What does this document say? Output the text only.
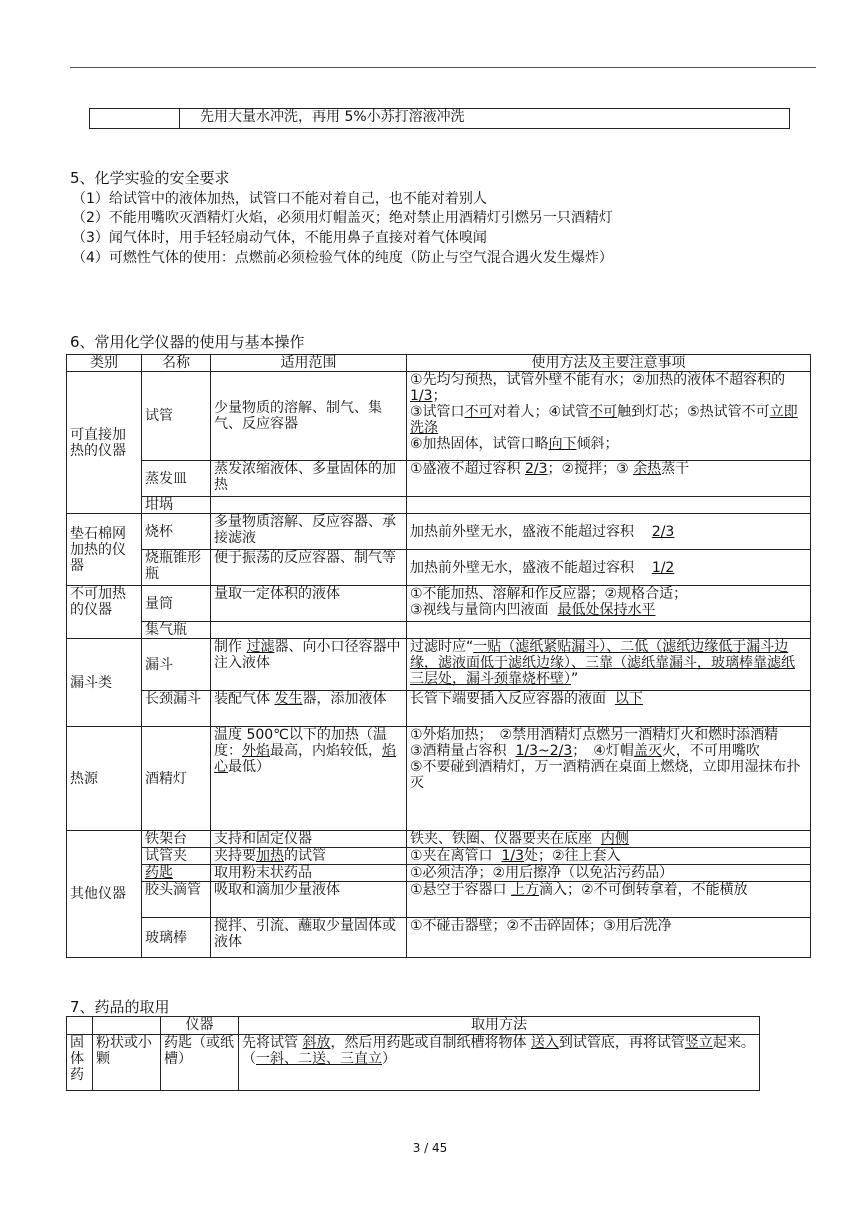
	先用大量水冲洗，再用 5%小苏打溶液冲洗
5、化学实验的安全要求
（1）给试管中的液体加热，试管口不能对着自己，也不能对着别人
（2）不能用嘴吹灭酒精灯火焰，必须用灯帽盖灭；绝对禁止用酒精灯引燃另一只酒精灯
（3）闻气体时，用手轻轻扇动气体，不能用鼻子直接对着气体嗅闻
（4）可燃性气体的使用：点燃前必须检验气体的纯度（防止与空气混合遇火发生爆炸）
6、常用化学仪器的使用与基本操作
类别	名称	适用范围	使用方法及主要注意事项
可直接加热的仪器	试管	少量物质的溶解、制气、集气、反应容器	①先均匀预热，试管外壁不能有水；②加热的液体不超容积的1/3；
③试管口不可对着人；④试管不可触到灯芯；⑤热试管不可立即洗涤
⑥加热固体，试管口略向下倾斜；
	蒸发皿	蒸发浓缩液体、多量固体的加热	①盛液不超过容积 2/3；②搅拌；③ 余热蒸干
	坩埚		
垫石棉网加热的仪器	烧杯	多量物质溶解、反应容器、承接滤液	加热前外壁无水，盛液不能超过容积 2/3
	烧瓶锥形瓶	便于振荡的反应容器、制气等	加热前外壁无水，盛液不能超过容积 1/2
不可加热的仪器	量筒	量取一定体积的液体	①不能加热、溶解和作反应器；②规格合适；
③视线与量筒内凹液面 最低处保持水平
	集气瓶		
漏斗类	漏斗	制作 过滤器、向小口径容器中注入液体	过滤时应“一贴（滤纸紧贴漏斗）、二低（滤纸边缘低于漏斗边缘，滤液面低于滤纸边缘）、三靠（滤纸靠漏斗，玻璃棒靠滤纸三层处，漏斗颈靠烧杯壁）”
	长颈漏斗	装配气体 发生器，添加液体	长管下端要插入反应容器的液面 以下
热源	酒精灯	温度 500℃以下的加热（温度：外焰最高，内焰较低，焰心最低）	①外焰加热；　②禁用酒精灯点燃另一酒精灯火和燃时添酒精
③酒精量占容积 1/3~2/3；　④灯帽盖灭火，不可用嘴吹
⑤不要碰到酒精灯，万一酒精洒在桌面上燃烧，立即用湿抹布扑灭
其他仪器	铁架台	支持和固定仪器	铁夹、铁圈、仪器要夹在底座 内侧
	试管夹	夹持要加热的试管	①夹在离管口 1/3处；②往上套入
	药匙	取用粉末状药品	①必须洁净；②用后擦净（以免沾污药品）
	胶头滴管	吸取和滴加少量液体	①悬空于容器口 上方滴入；②不可倒转拿着，不能横放
	玻璃棒	搅拌、引流、蘸取少量固体或液体	①不碰击器壁；②不击碎固体；③用后洗净
7、药品的取用
		仪器	取用方法
固体药	粉状或小颗	药匙（或纸槽）	先将试管 斜放，然后用药匙或自制纸槽将物体 送入到试管底，再将试管竖立起来。（一斜、二送、三直立）
3 / 45
